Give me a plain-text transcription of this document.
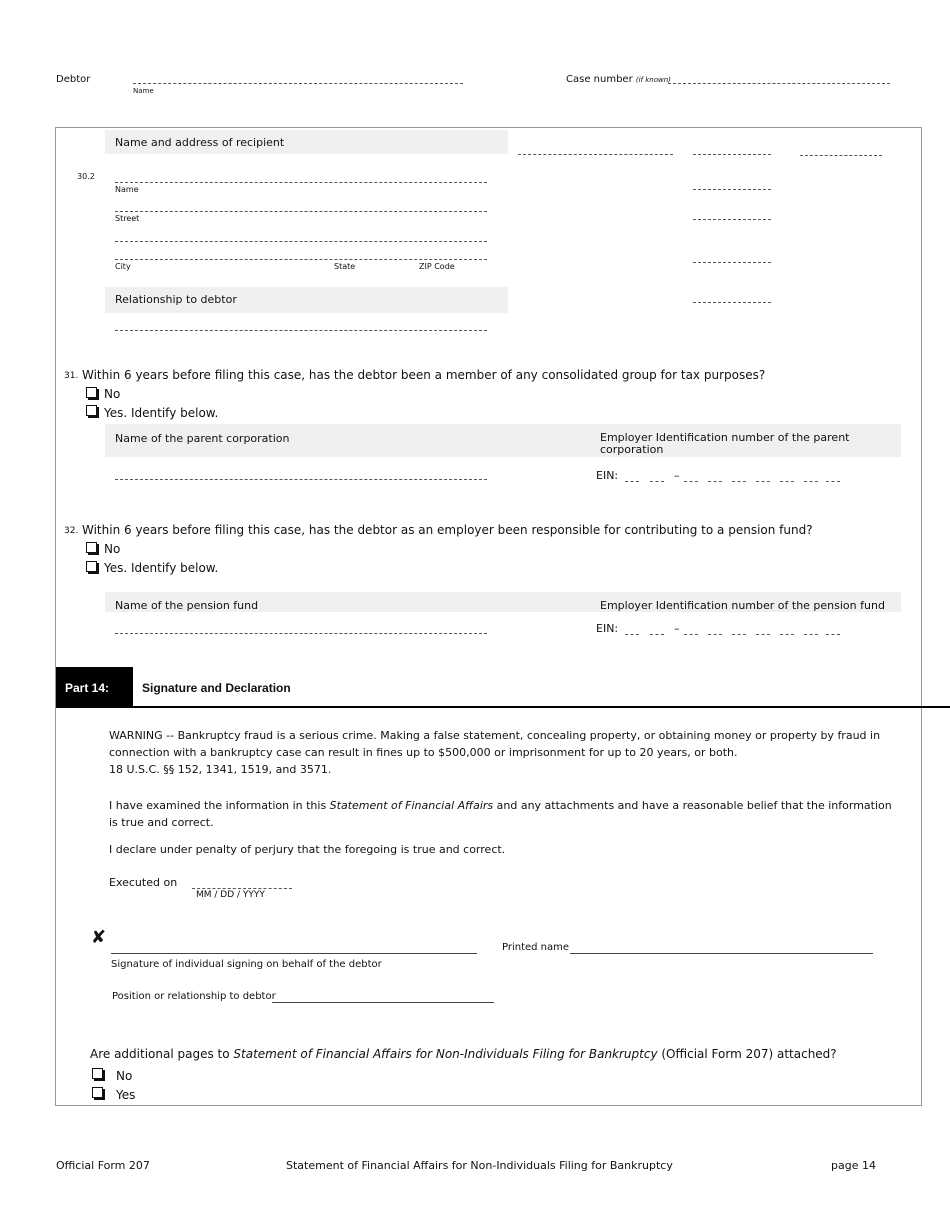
Debtor
Name
Case number (if known)
Name and address of recipient
30.2
Name
Street
City	State	ZIP Code
Relationship to debtor
31. Within 6 years before filing this case, has the debtor been a member of any consolidated group for tax purposes?
No
Yes. Identify below.
Name of the parent corporation	Employer Identification number of the parent corporation
EIN:	–
32. Within 6 years before filing this case, has the debtor as an employer been responsible for contributing to a pension fund?
No
Yes. Identify below.
Name of the pension fund	Employer Identification number of the pension fund
EIN:	–
Part 14:	Signature and Declaration
WARNING -- Bankruptcy fraud is a serious crime. Making a false statement, concealing property, or obtaining money or property by fraud in
connection with a bankruptcy case can result in fines up to $500,000 or imprisonment for up to 20 years, or both.
18 U.S.C. §§ 152, 1341, 1519, and 3571.
I have examined the information in this Statement of Financial Affairs and any attachments and have a reasonable belief that the information
is true and correct.
I declare under penalty of perjury that the foregoing is true and correct.
Executed on
MM / DD / YYYY
✘
Signature of individual signing on behalf of the debtor
Printed name
Position or relationship to debtor
Are additional pages to Statement of Financial Affairs for Non-Individuals Filing for Bankruptcy (Official Form 207) attached?
No
Yes
Official Form 207	Statement of Financial Affairs for Non-Individuals Filing for Bankruptcy	page 14
